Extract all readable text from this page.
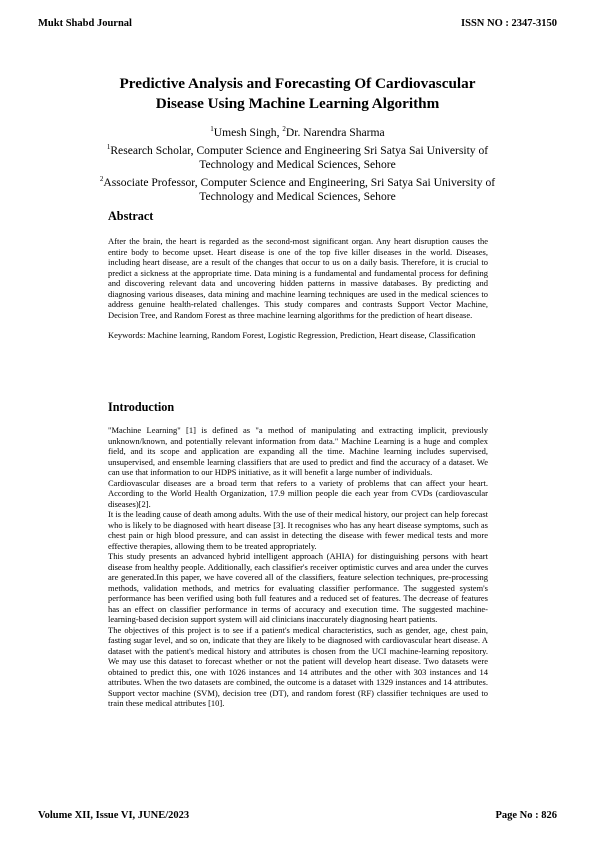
Mukt Shabd Journal	ISSN NO : 2347-3150
Predictive Analysis and Forecasting Of Cardiovascular
Disease Using Machine Learning Algorithm
$^1$Umesh Singh, $^2$Dr. Narendra Sharma
$^1$Research Scholar, Computer Science and Engineering Sri Satya Sai University of
Technology and Medical Sciences, Sehore
$^2$Associate Professor, Computer Science and Engineering, Sri Satya Sai University of
Technology and Medical Sciences, Sehore
Abstract

After the brain, the heart is regarded as the second-most significant organ. Any heart disruption causes the entire body to become upset. Heart disease is one of the top five killer diseases in the world. Diseases, including heart disease, are a result of the changes that occur to us on a daily basis. Therefore, it is crucial to predict a sickness at the appropriate time. Data mining is a fundamental and fundamental process for defining and discovering relevant data and uncovering hidden patterns in massive databases. By predicting and diagnosing various diseases, data mining and machine learning techniques are used in the medical sciences to address genuine health-related challenges. This study compares and contrasts Support Vector Machine, Decision Tree, and Random Forest as three machine learning algorithms for the prediction of heart disease.

Keywords: Machine learning, Random Forest, Logistic Regression, Prediction, Heart disease, Classification

Introduction

"Machine Learning" [1] is defined as "a method of manipulating and extracting implicit, previously unknown/known, and potentially relevant information from data." Machine Learning is a huge and complex field, and its scope and application are expanding all the time. Machine learning includes supervised, unsupervised, and ensemble learning classifiers that are used to predict and find the accuracy of a dataset. We can use that information to our HDPS initiative, as it will benefit a large number of individuals.

Cardiovascular diseases are a broad term that refers to a variety of problems that can affect your heart. According to the World Health Organization, 17.9 million people die each year from CVDs (cardiovascular diseases)[2].

It is the leading cause of death among adults. With the use of their medical history, our project can help forecast who is likely to be diagnosed with heart disease [3]. It recognises who has any heart disease symptoms, such as chest pain or high blood pressure, and can assist in detecting the disease with fewer medical tests and more effective therapies, allowing them to be treated appropriately.

This study presents an advanced hybrid intelligent approach (AHIA) for distinguishing persons with heart disease from healthy people. Additionally, each classifier's receiver optimistic curves and area under the curves are generated.In this paper, we have covered all of the classifiers, feature selection techniques, pre-processing methods, validation methods, and metrics for evaluating classifier performance. The suggested system's performance has been verified using both full features and a reduced set of features. The decrease of features has an effect on classifier performance in terms of accuracy and execution time. The suggested machine-learning-based decision support system will aid clinicians inaccurately diagnosing heart patients.

The objectives of this project is to see if a patient's medical characteristics, such as gender, age, chest pain, fasting sugar level, and so on, indicate that they are likely to be diagnosed with cardiovascular heart disease. A dataset with the patient's medical history and attributes is chosen from the UCI machine-learning repository. We may use this dataset to forecast whether or not the patient will develop heart disease. Two datasets were obtained to predict this, one with 1026 instances and 14 attributes and the other with 303 instances and 14 attributes. When the two datasets are combined, the outcome is a dataset with 1329 instances and 14 attributes. Support vector machine (SVM), decision tree (DT), and random forest (RF) classifier techniques are used to train these medical attributes [10].

Volume XII, Issue VI, JUNE/2023	Page No : 826
